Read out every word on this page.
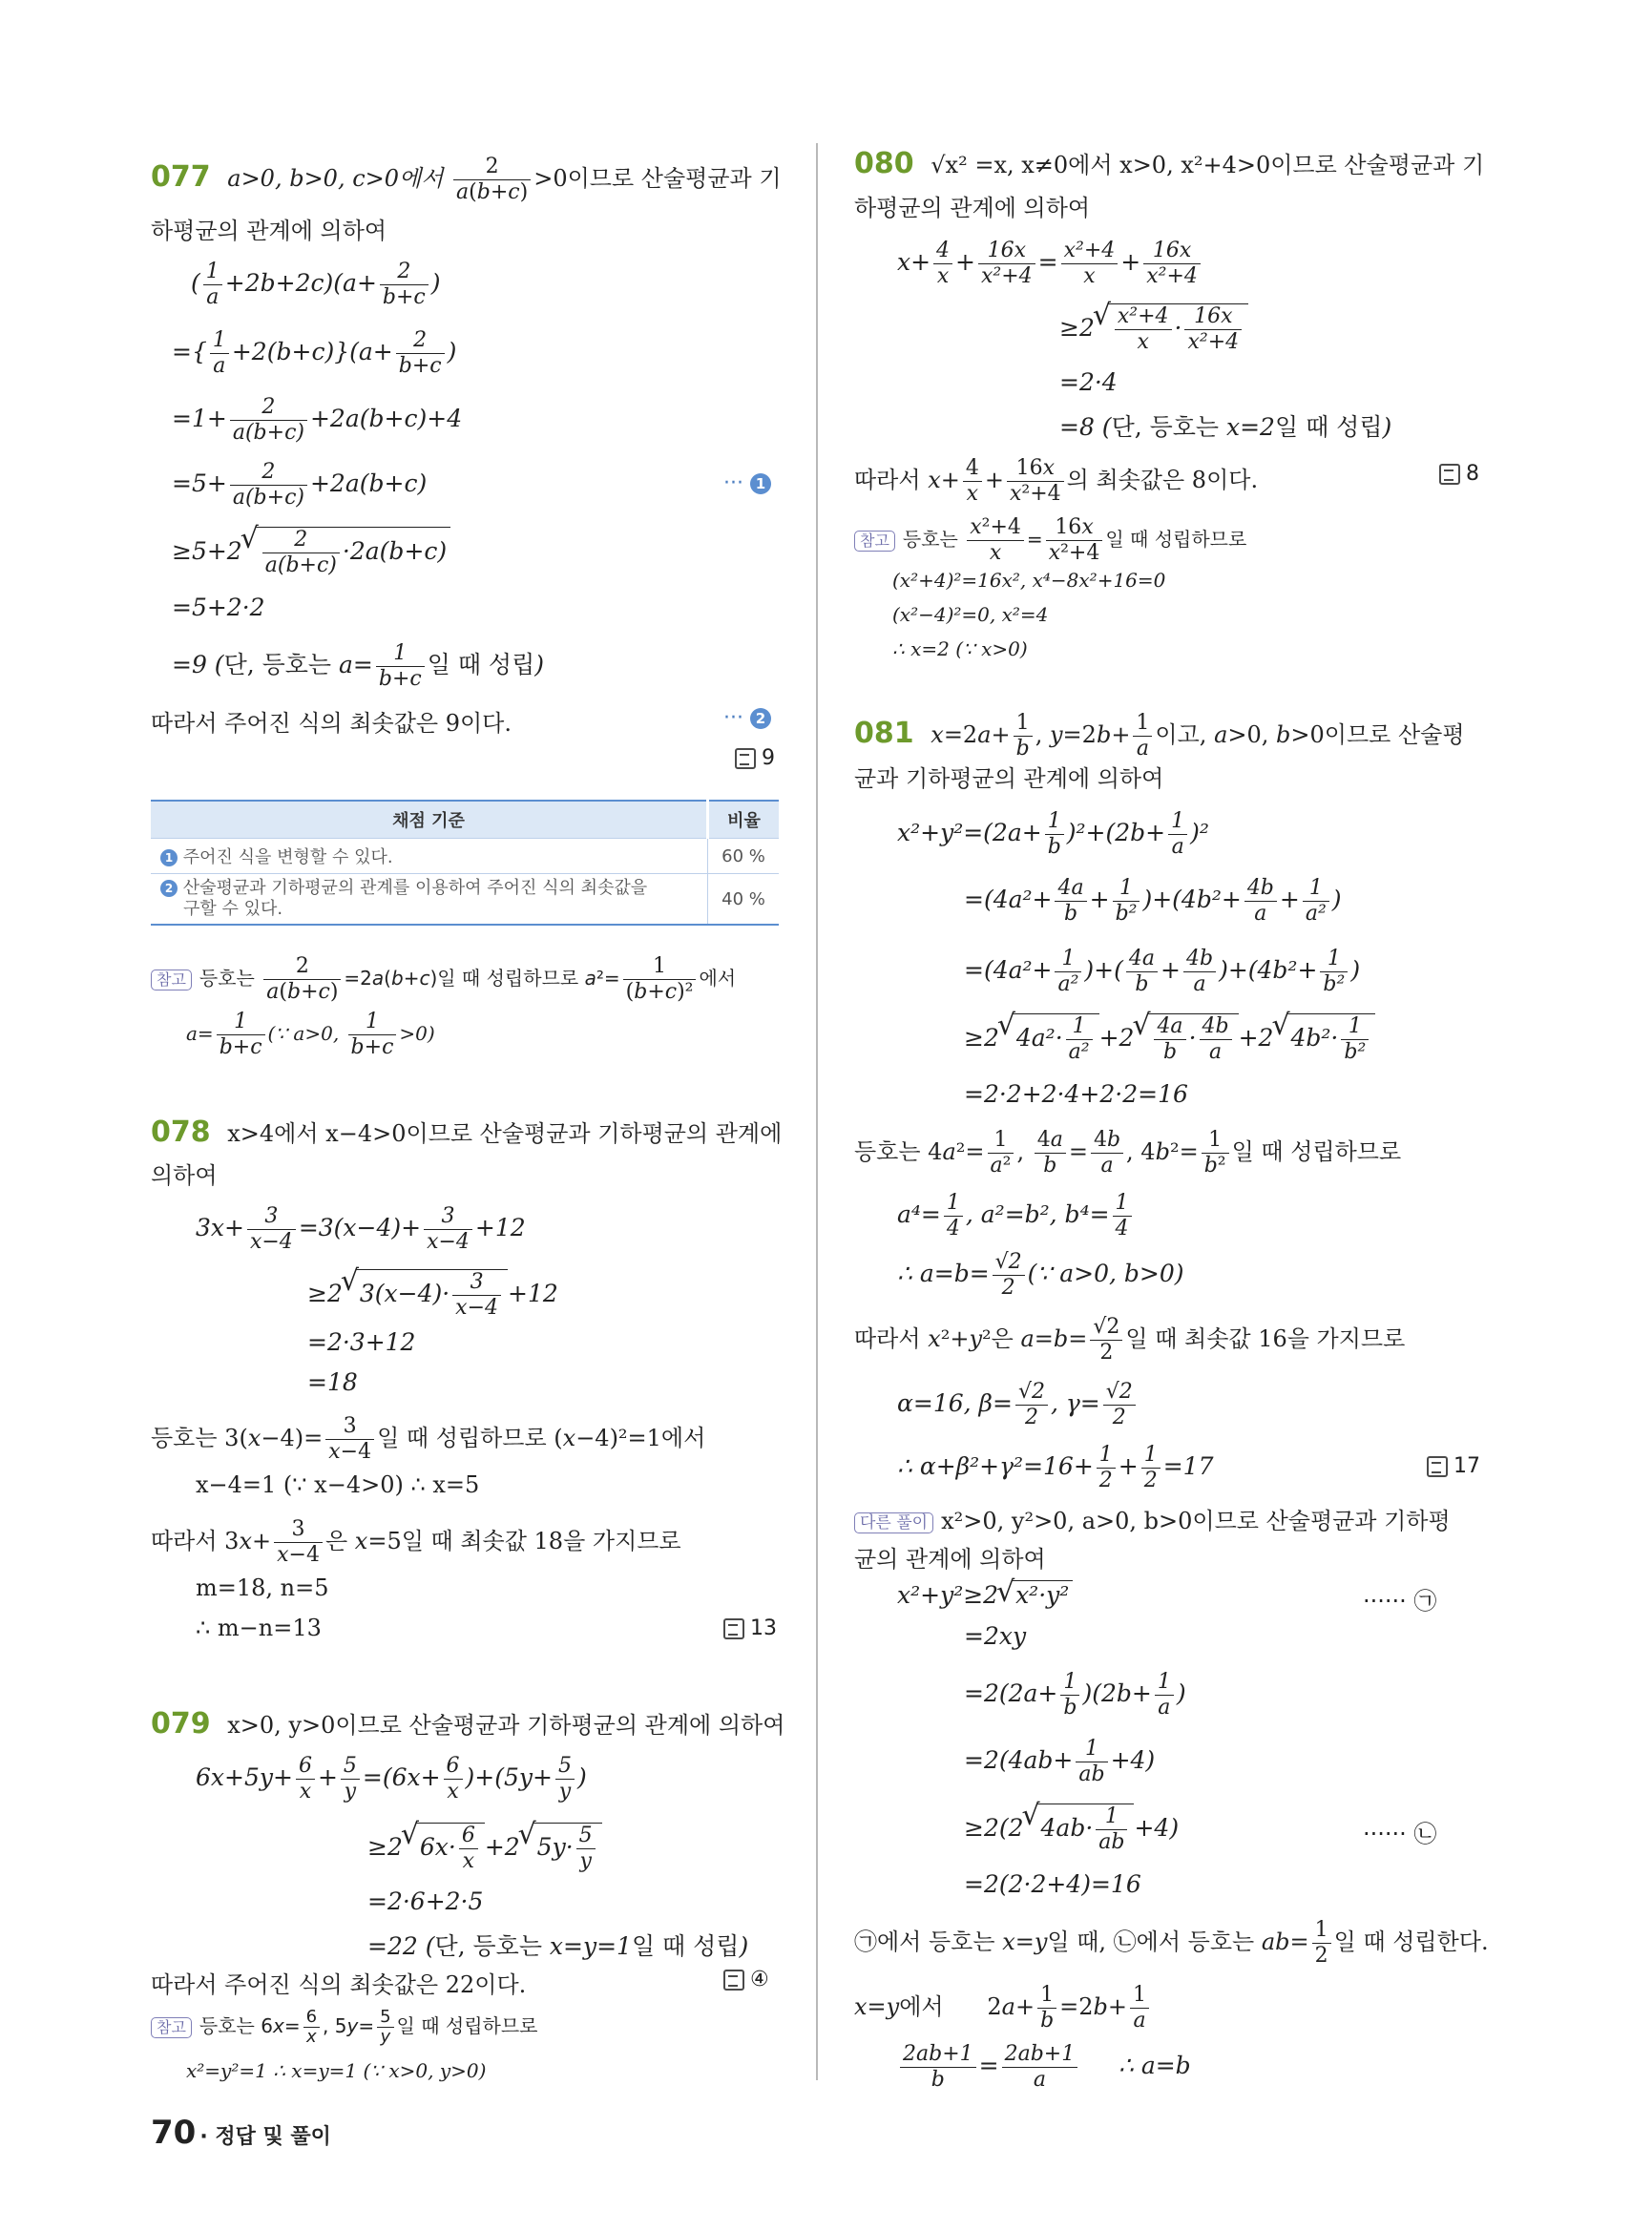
077 a>0, b>0, c>0에서 $\frac{2}{a(b+c)} >0$이므로 산술평균과 기
하평균의 관계에 의하여
( $\frac{1}{a} +2b+2c)(a+ \frac{2}{b+c}$ )
={ $\frac{1}{a} +2(b+c)\}(a+ \frac{2}{b+c}$ )
$=1+ \frac{2}{a(b+c)} +2a(b+c)+4$
$=5+ \frac{2}{a(b+c)} +2a(b+c)$	··· 1
≥5+2 √ $\frac{2}{a(b+c)} \cdot 2a(b+c)$
=5+2·2
=9 (단, 등호는 $a= \frac{1}{b+c}$ 일 때 성립)
따라서 주어진 식의 최솟값은 9이다.	··· 2
9
채점 기준	비율
1 주어진 식을 변형할 수 있다.	60 %
2 산술평균과 기하평균의 관계를 이용하여 주어진 식의 최솟값을
구할 수 있다.	40 %
참고 등호는 $\frac{2}{a(b+c)} =2a(b+c)$일 때 성립하므로 $a^2= \frac{1}{\text{(b+c)²}}$ 에서
$a= \frac{1}{b+c}$ (∵ a>0, $\frac{1}{b+c} >0$)
078 x>4에서 x−4>0이므로 산술평균과 기하평균의 관계에
의하여
$3x+ \frac{3}{x-4} =3(x-4)+ \frac{3}{x-4} +12$
≥2 √ $3(x-4)\cdot \frac{3}{x-4} +12$
=2·3+12
=18
등호는 $3(x-4)= \frac{3}{x-4}$ 일 때 성립하므로 (x−4)²=1에서
x−4=1 (∵ x−4>0) ∴ x=5
따라서 $3x+ \frac{3}{x-4}$ 은 x=5일 때 최솟값 18을 가지므로
m=18, n=5
∴ m−n=13	13
079 x>0, y>0이므로 산술평균과 기하평균의 관계에 의하여
$6x+5y+ \frac{6}{x} + \frac{5}{y} =(6x+ \frac{6}{x} )+(5y+ \frac{5}{y}$ )
≥2 √ $6x\cdot \frac{6}{x} +2$ √ $5y\cdot \frac{5}{y}$
=2·6+2·5
=22 (단, 등호는 x=y=1일 때 성립)
따라서 주어진 식의 최솟값은 22이다.	④
참고 등호는 $6x= \frac{6}{x}$ , $5y= \frac{5}{y}$ 일 때 성립하므로
x²=y²=1 ∴ x=y=1 (∵ x>0, y>0)
70 · 정답 및 풀이
080 √x² =x, x≠0에서 x>0, x²+4>0이므로 산술평균과 기
하평균의 관계에 의하여
$x+ \frac{4}{x} + \frac{16x}{\text{x²+4}} = \frac{\text{x²+4}}{x} + \frac{16x}{\text{x²+4}}$
≥2 √ $\frac{\text{x²+4}}{x} \cdot \frac{16x}{\text{x²+4}}$
=2·4
=8 (단, 등호는 x=2일 때 성립)
따라서 $x+ \frac{4}{x} + \frac{16x}{\text{x²+4}}$ 의 최솟값은 8이다.	8
참고 등호는 $\frac{\text{x²+4}}{x} = \frac{16x}{\text{x²+4}}$ 일 때 성립하므로
(x²+4)²=16x², x⁴−8x²+16=0
(x²−4)²=0, x²=4
∴ x=2 (∵ x>0)
081 $x=2a+ \frac{1}{b}$ , $y=2b+ \frac{1}{a}$ 이고, a>0, b>0이므로 산술평
균과 기하평균의 관계에 의하여
$x^2+y^2=(2a+ \frac{1}{b} )^2+(2b+ \frac{1}{a} )^2$
$=(4a^2+ \frac{4a}{b} + \frac{1}{\text{b²}} )+(4b^2+ \frac{4b}{a} + \frac{1}{\text{a²}}$ )
$=(4a^2+ \frac{1}{\text{a²}}$ )+( $\frac{4a}{b} + \frac{4b}{a} )+(4b^2+ \frac{1}{\text{b²}}$ )
≥2 √ $4a^2\cdot \frac{1}{\text{a²}} +2$ √ $\frac{4a}{b} \cdot \frac{4b}{a} +2$ √ $4b^2\cdot \frac{1}{\text{b²}}$
=2·2+2·4+2·2=16
등호는 $4a^2= \frac{1}{\text{a²}}$ , $\frac{4a}{b} = \frac{4b}{a}$ , $4b^2= \frac{1}{\text{b²}}$ 일 때 성립하므로
$a^4= \frac{1}{4}$ , a²=b², $b^4= \frac{1}{4}$
∴ $a=b= \frac{√2}{2}$ (∵ a>0, b>0)
따라서 x²+y²은 $a=b= \frac{√2}{2}$ 일 때 최솟값 16을 가지므로
α=16, $\beta= \frac{√2}{2}$ , $\gamma= \frac{√2}{2}$
∴ $\alpha+\beta^2+\gamma^2=16+ \frac{1}{2} + \frac{1}{2} =17$	17
다른 풀이 x²>0, y²>0, a>0, b>0이므로 산술평균과 기하평
균의 관계에 의하여
x²+y²≥2 √ x²·y²	······ ㉠
=2xy
$=2(2a+ \frac{1}{b} )(2b+ \frac{1}{a}$ )
$=2(4ab+ \frac{1}{ab} +4)$
≥2(2 √ $4ab\cdot \frac{1}{ab} +4$)	······ ㉡
=2(2·2+4)=16
㉠에서 등호는 x=y일 때, ㉡에서 등호는 $ab= \frac{1}{2}$ 일 때 성립한다.
x=y에서      $2a+ \frac{1}{b} =2b+ \frac{1}{a}$
$\frac{2ab+1}{b} = \frac{2ab+1}{a}$ ∴ a=b
